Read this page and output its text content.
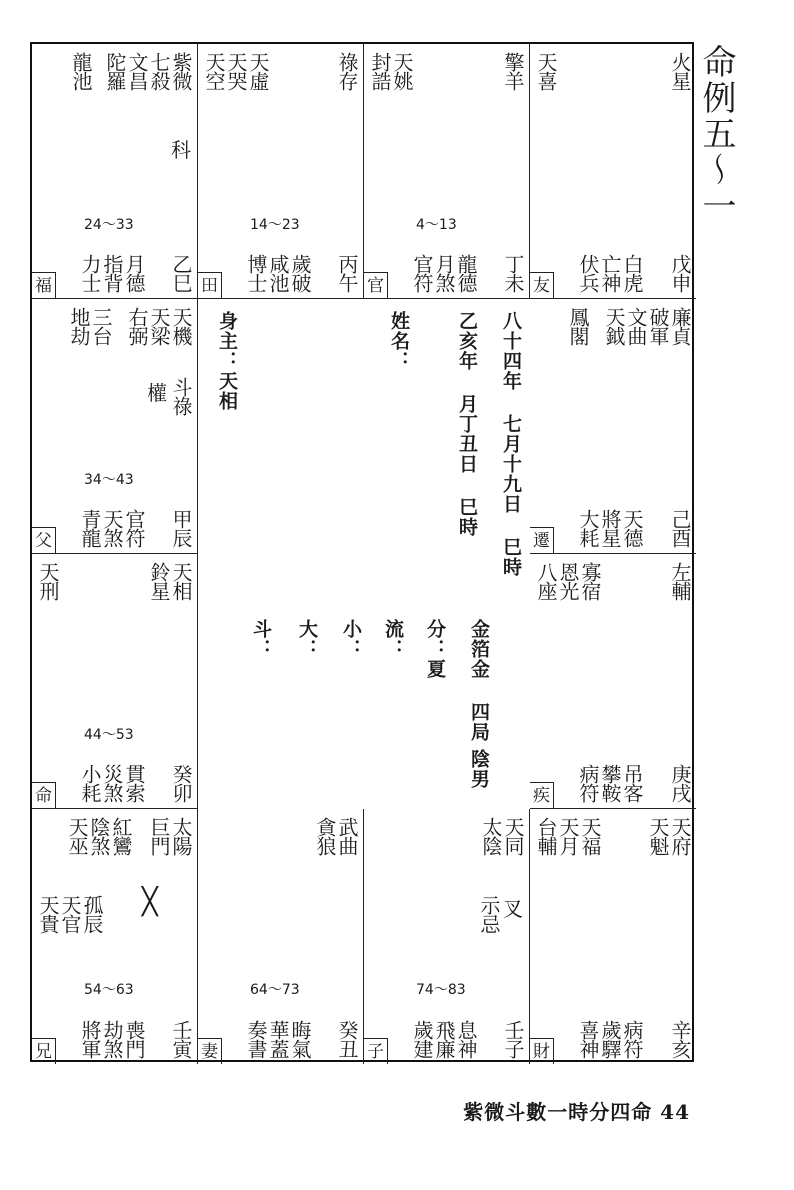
命例五〜一
紫微
七殺
文昌
陀羅
龍池
科
24〜33
月德
指背
力士	乙巳
福
祿存
天虛
天哭
天空
14〜23
歲破
咸池
博士	丙午
田
擎羊
天姚
封誥
4〜13
龍德
月煞
官符	丁未
官
火星
天喜
白虎
亡神
伏兵	戊申
友
天機
天梁
右弼
三台
地劫
斗祿
權
34〜43
官符
天煞
青龍	甲辰
父
廉貞
破軍
文曲
天鉞
鳳閣
天德
將星
大耗	己酉
遷
天相
鈴星
天刑
44〜53
貫索
災煞
小耗	癸卯
命
左輔
寡宿
恩光
八座
吊客
攀鞍
病符	庚戌
疾
太陽
巨門
紅鸞
陰煞
天巫
╳
孤辰
天官
天貴
54〜63
喪門
劫煞
將軍	壬寅
兄
武曲
貪狼
64〜73
晦氣
華蓋
奏書	癸丑
妻
天同
太陰
叉
示忌
74〜83
息神
飛廉
歲建	壬子
子
天府
天魁
天福
天月
台輔
病符
歲驛
喜神	辛亥
財
八十四年 七月十九日 巳時
乙亥年 月丁丑日 巳時
姓名：
身主：天相
金箔金 四局
陰男
分：夏
流：
小：
大：
斗：
紫微斗數一時分四命 44
